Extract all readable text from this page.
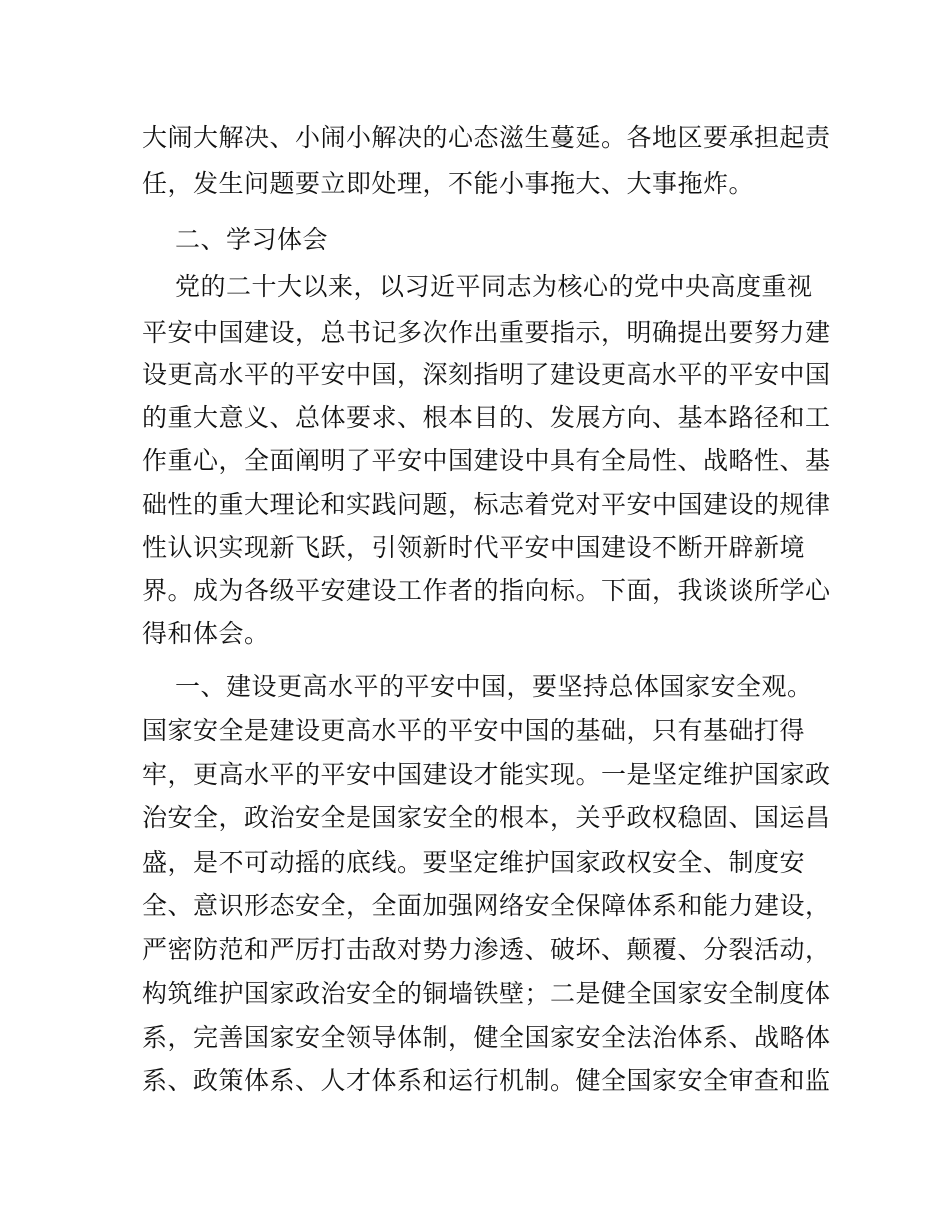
大闹大解决、小闹小解决的心态滋生蔓延。各地区要承担起责
任，发生问题要立即处理，不能小事拖大、大事拖炸。
二、学习体会
党的二十大以来，以习近平同志为核心的党中央高度重视
平安中国建设，总书记多次作出重要指示，明确提出要努力建
设更高水平的平安中国，深刻指明了建设更高水平的平安中国
的重大意义、总体要求、根本目的、发展方向、基本路径和工
作重心，全面阐明了平安中国建设中具有全局性、战略性、基
础性的重大理论和实践问题，标志着党对平安中国建设的规律
性认识实现新飞跃，引领新时代平安中国建设不断开辟新境
界。成为各级平安建设工作者的指向标。下面，我谈谈所学心
得和体会。
一、建设更高水平的平安中国，要坚持总体国家安全观。
国家安全是建设更高水平的平安中国的基础，只有基础打得
牢，更高水平的平安中国建设才能实现。一是坚定维护国家政
治安全，政治安全是国家安全的根本，关乎政权稳固、国运昌
盛，是不可动摇的底线。要坚定维护国家政权安全、制度安
全、意识形态安全，全面加强网络安全保障体系和能力建设，
严密防范和严厉打击敌对势力渗透、破坏、颠覆、分裂活动，
构筑维护国家政治安全的铜墙铁壁；二是健全国家安全制度体
系，完善国家安全领导体制，健全国家安全法治体系、战略体
系、政策体系、人才体系和运行机制。健全国家安全审查和监
